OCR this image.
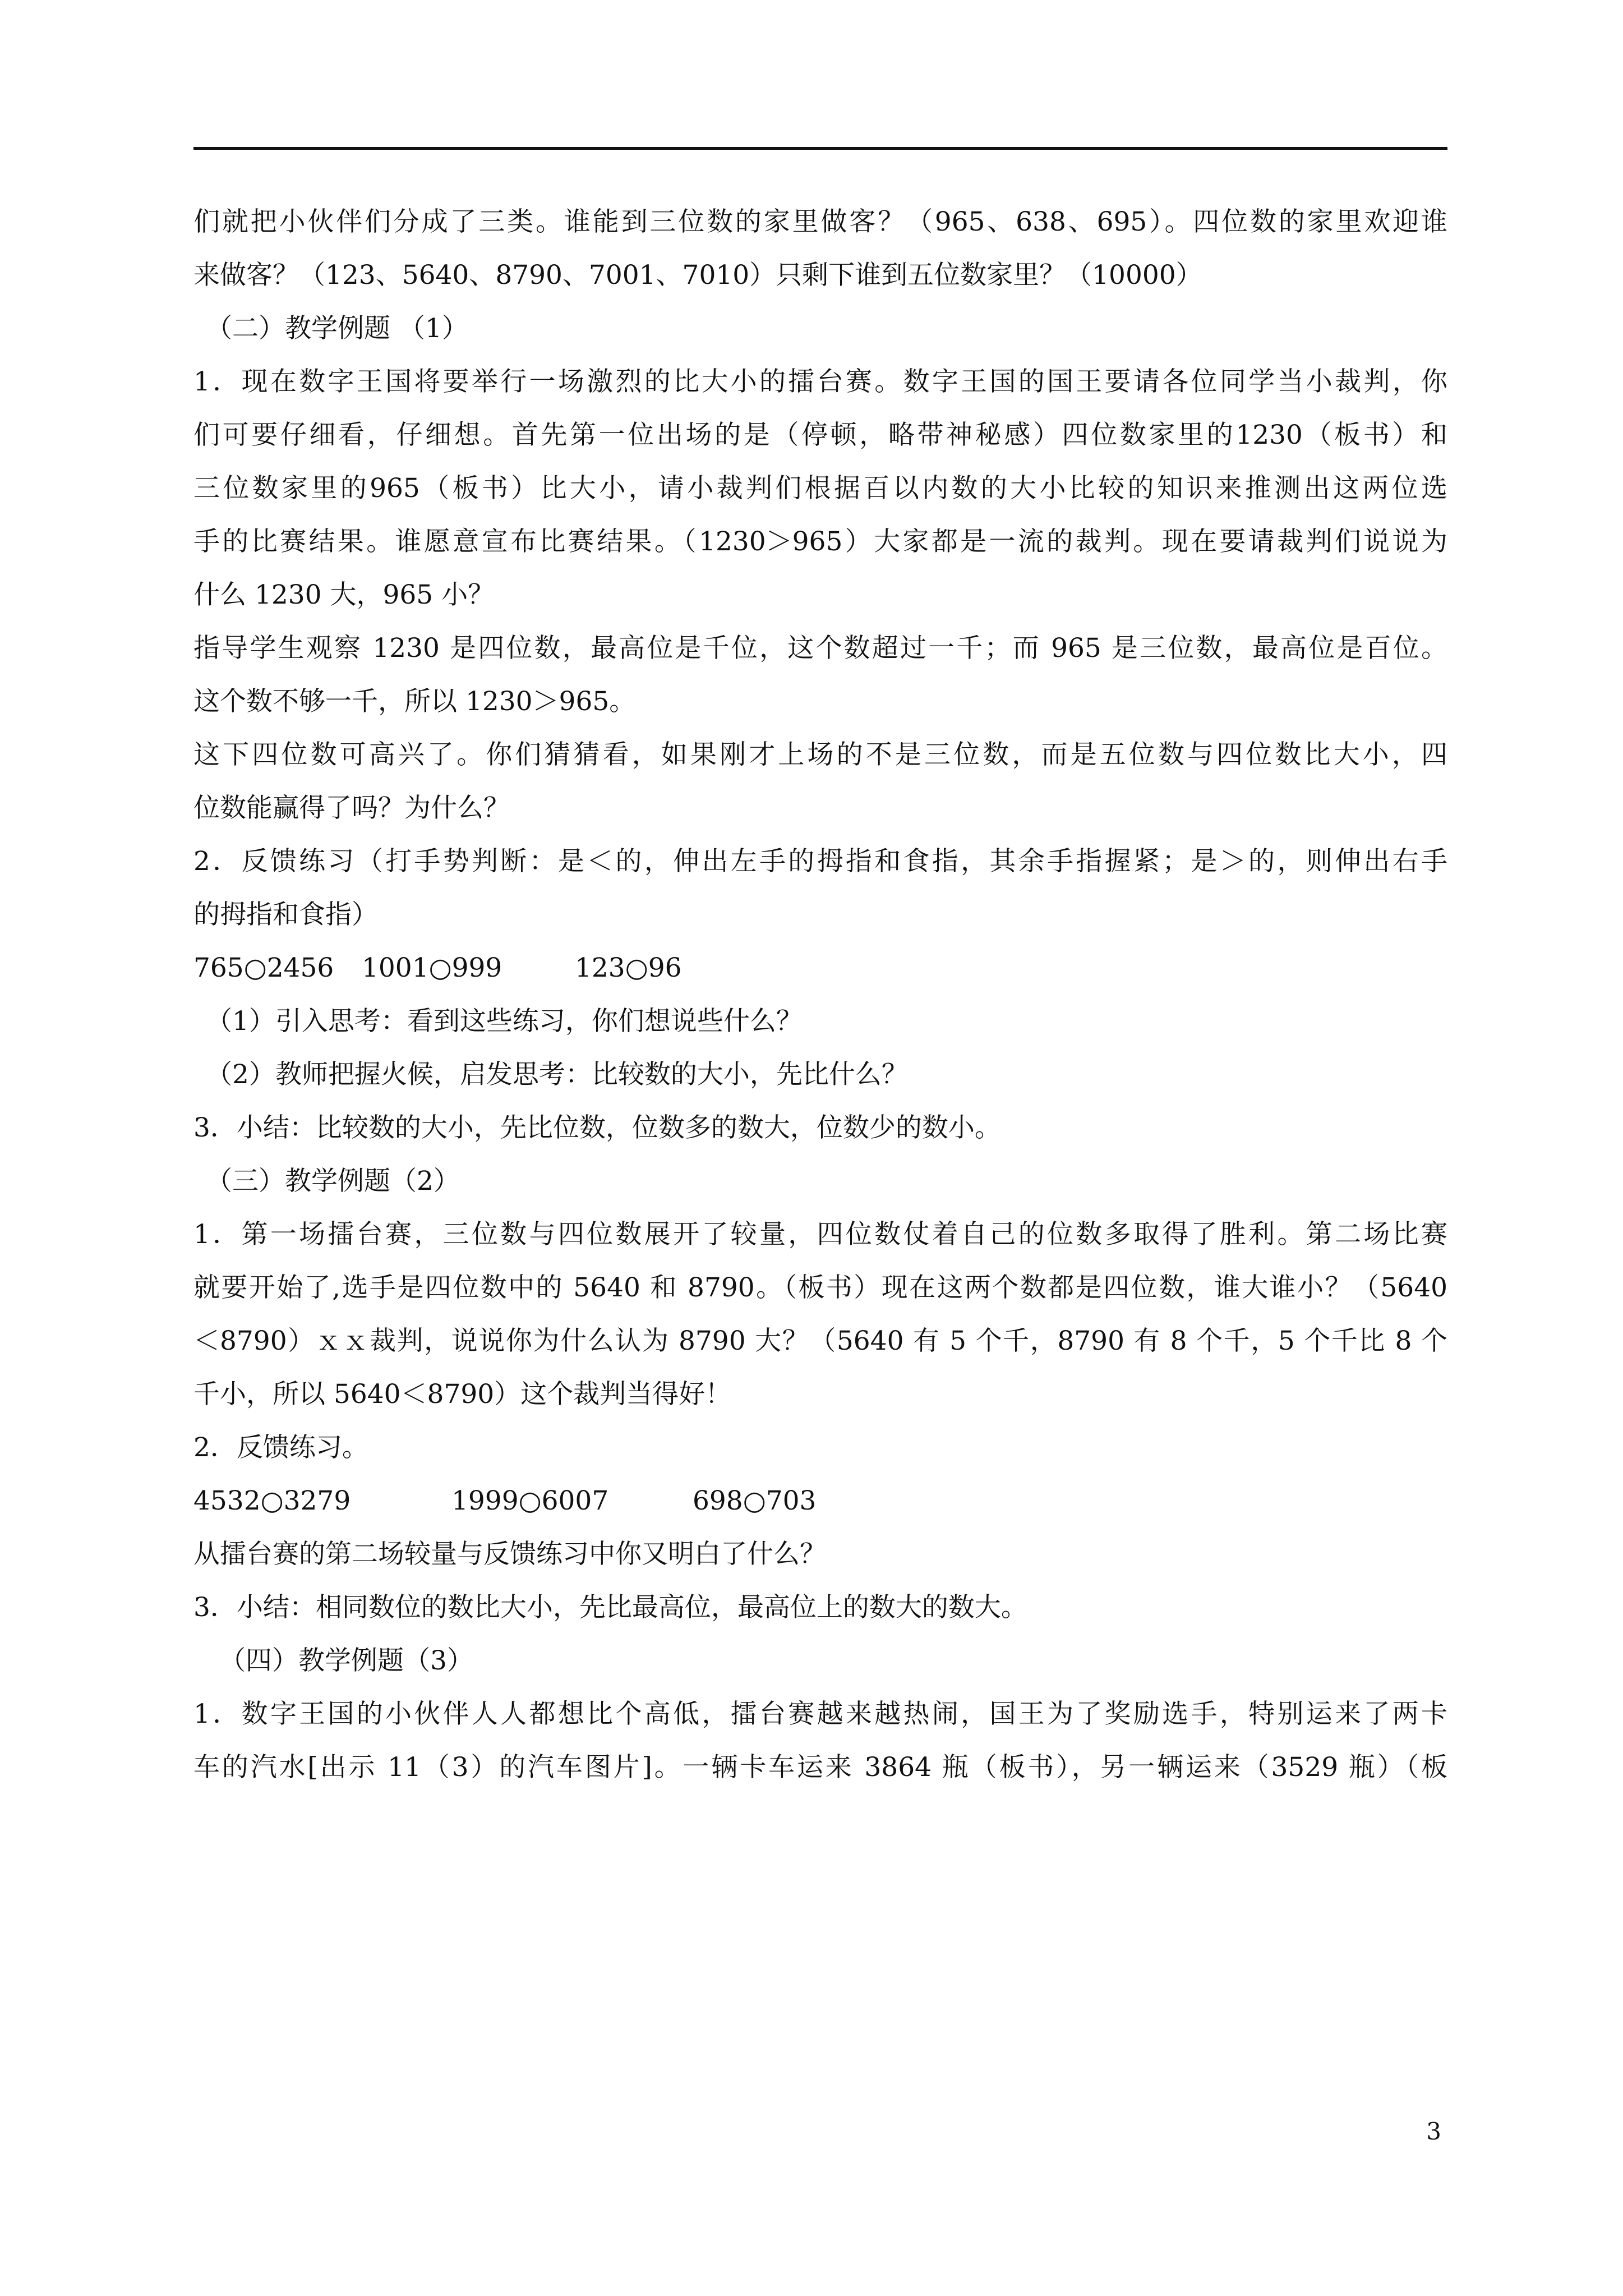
们就把小伙伴们分成了三类。谁能到三位数的家里做客？（965、638、695）。四位数的家里欢迎谁
来做客？（123、5640、8790、7001、7010）只剩下谁到五位数家里？（10000）
（二）教学例题 （1）
1．现在数字王国将要举行一场激烈的比大小的擂台赛。数字王国的国王要请各位同学当小裁判，你
们可要仔细看，仔细想。首先第一位出场的是（停顿，略带神秘感）四位数家里的1230（板书）和
三位数家里的965（板书）比大小，请小裁判们根据百以内数的大小比较的知识来推测出这两位选
手的比赛结果。谁愿意宣布比赛结果。（1230＞965）大家都是一流的裁判。现在要请裁判们说说为
什么 1230 大，965 小？
指导学生观察 1230 是四位数，最高位是千位，这个数超过一千；而 965 是三位数，最高位是百位。
这个数不够一千，所以 1230＞965。
这下四位数可高兴了。你们猜猜看，如果刚才上场的不是三位数，而是五位数与四位数比大小，四
位数能赢得了吗？为什么？
2．反馈练习（打手势判断：是＜的，伸出左手的拇指和食指，其余手指握紧；是＞的，则伸出右手
的拇指和食指）
765○2456 1001○999	123○96
（1）引入思考：看到这些练习，你们想说些什么？
（2）教师把握火候，启发思考：比较数的大小，先比什么？
3．小结：比较数的大小，先比位数，位数多的数大，位数少的数小。
（三）教学例题（2）
1．第一场擂台赛，三位数与四位数展开了较量，四位数仗着自己的位数多取得了胜利。第二场比赛
就要开始了,选手是四位数中的 5640 和 8790。（板书）现在这两个数都是四位数，谁大谁小？（5640
＜8790）ｘｘ裁判，说说你为什么认为 8790 大？（5640 有 5 个千，8790 有 8 个千，5 个千比 8 个
千小，所以 5640＜8790）这个裁判当得好！
2．反馈练习。
4532○3279	1999○6007	698○703
从擂台赛的第二场较量与反馈练习中你又明白了什么？
3．小结：相同数位的数比大小，先比最高位，最高位上的数大的数大。
（四）教学例题（3）
1．数字王国的小伙伴人人都想比个高低，擂台赛越来越热闹，国王为了奖励选手，特别运来了两卡
车的汽水[出示 11（3）的汽车图片]。一辆卡车运来 3864 瓶（板书），另一辆运来（3529 瓶）（板
3
